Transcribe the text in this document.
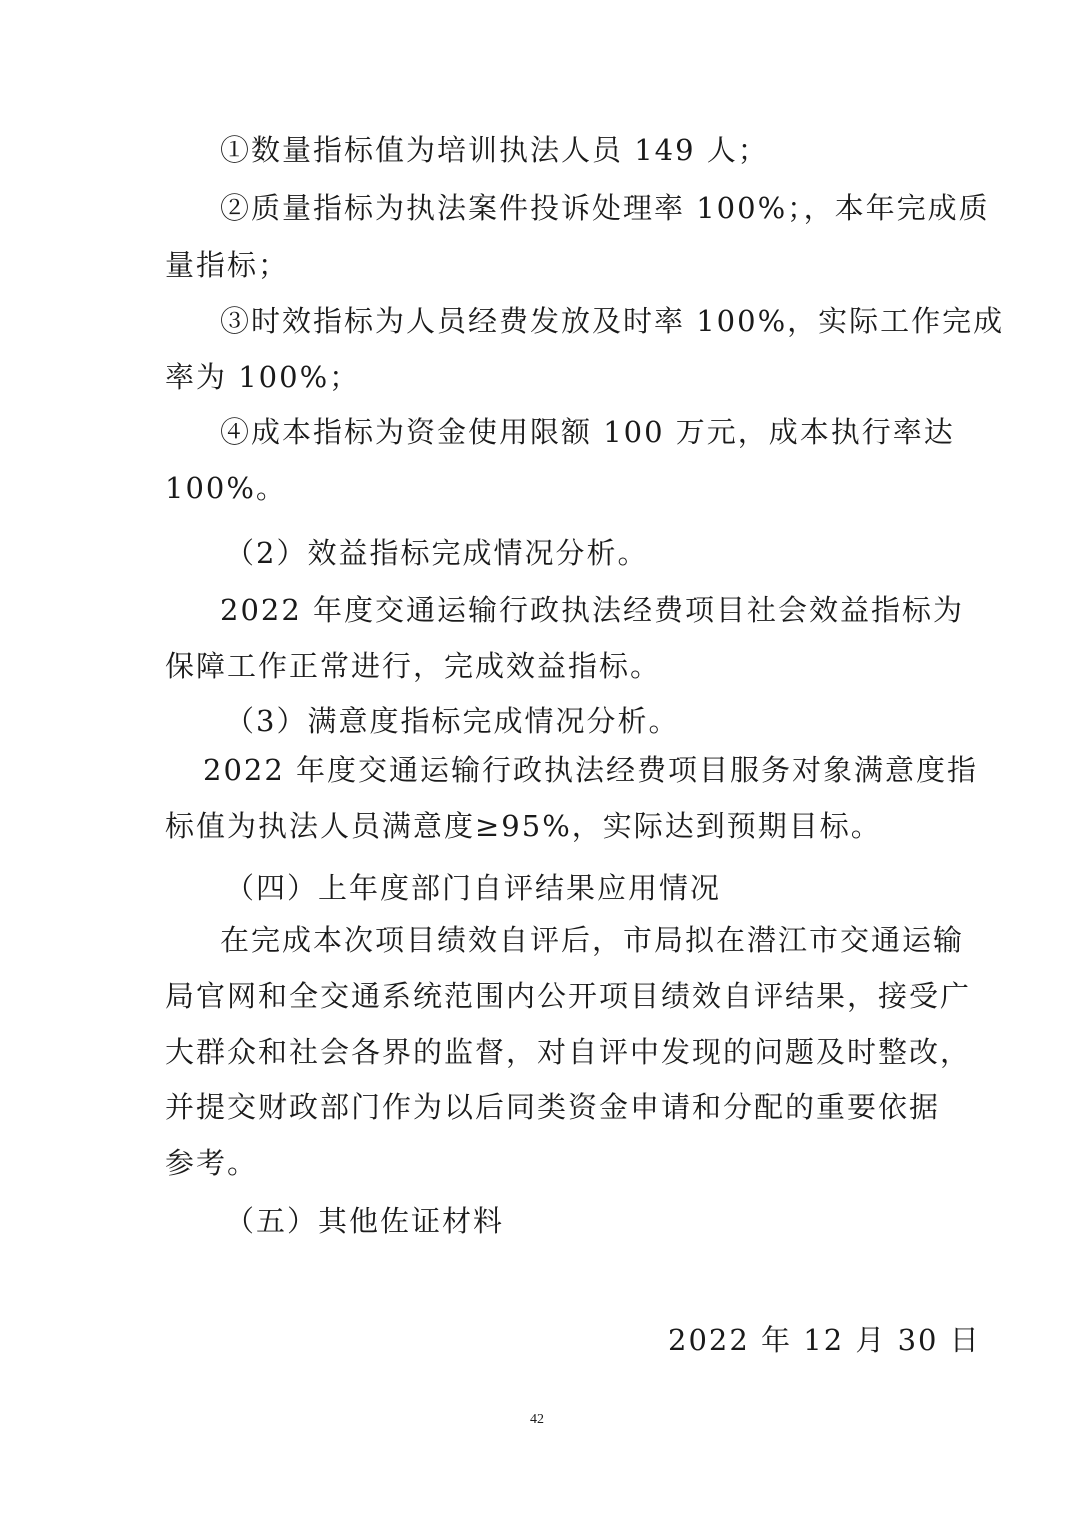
①数量指标值为培训执法人员 149 人；
②质量指标为执法案件投诉处理率 100%；，本年完成质
量指标；
③时效指标为人员经费发放及时率 100%，实际工作完成
率为 100%；
④成本指标为资金使用限额 100 万元，成本执行率达
100%。
（2）效益指标完成情况分析。
2022 年度交通运输行政执法经费项目社会效益指标为
保障工作正常进行，完成效益指标。
（3）满意度指标完成情况分析。
2022 年度交通运输行政执法经费项目服务对象满意度指
标值为执法人员满意度≥95%，实际达到预期目标。
（四）上年度部门自评结果应用情况
在完成本次项目绩效自评后，市局拟在潜江市交通运输
局官网和全交通系统范围内公开项目绩效自评结果，接受广
大群众和社会各界的监督，对自评中发现的问题及时整改，
并提交财政部门作为以后同类资金申请和分配的重要依据
参考。
（五）其他佐证材料
2022 年 12 月 30 日
42
